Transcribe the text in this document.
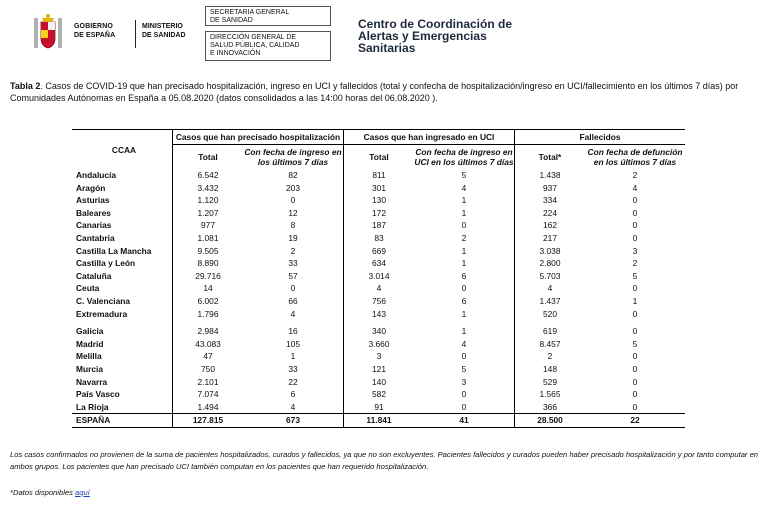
GOBIERNO
DE ESPAÑA
MINISTERIO
DE SANIDAD
SECRETARIA GENERAL
DE SANIDAD
DIRECCIÓN GENERAL DE
SALUD PÚBLICA, CALIDAD
E INNOVACIÓN
Centro de Coordinación de
Alertas y Emergencias
Sanitarias
Tabla 2. Casos de COVID-19 que han precisado hospitalización, ingreso en UCI y fallecidos (total y confecha de hospitalización/ingreso en UCI/fallecimiento en los últimos 7 días) por Comunidades Autónomas en España a 05.08.2020 (datos consolidados a las 14:00 horas del 06.08.2020 ).
CCAA	Casos que han precisado hospitalización		Casos que han ingresado en UCI		Fallecidos	
	Total	Con fecha de ingreso en los últimos 7 días	Total	Con fecha de ingreso en UCI en los últimos 7 días	Total*	Con fecha de defunción en los últimos 7 días
Andalucía	6.542	82	811	5	1.438	2
Aragón	3.432	203	301	4	937	4
Asturias	1.120	0	130	1	334	0
Baleares	1.207	12	172	1	224	0
Canarias	977	8	187	0	162	0
Cantabria	1.081	19	83	2	217	0
Castilla La Mancha	9.505	2	669	1	3.038	3
Castilla y León	8.890	33	634	1	2.800	2
Cataluña	29.716	57	3.014	6	5.703	5
Ceuta	14	0	4	0	4	0
C. Valenciana	6.002	66	756	6	1.437	1
Extremadura	1.796	4	143	1	520	0

Galicia	2.984	16	340	1	619	0
Madrid	43.083	105	3.660	4	8.457	5
Melilla	47	1	3	0	2	0
Murcia	750	33	121	5	148	0
Navarra	2.101	22	140	3	529	0
País Vasco	7.074	6	582	0	1.565	0
La Rioja	1.494	4	91	0	366	0
ESPAÑA	127.815	673	11.841	41	28.500	22
Los casos confirmados no provienen de la suma de pacientes hospitalizados, curados y fallecidos, ya que no son excluyentes. Pacientes fallecidos y curados pueden haber precisado hospitalización y por tanto computar en ambos grupos. Los pacientes que han precisado UCI también computan en los pacientes que han requerido hospitalización.
*Datos disponibles aquí
